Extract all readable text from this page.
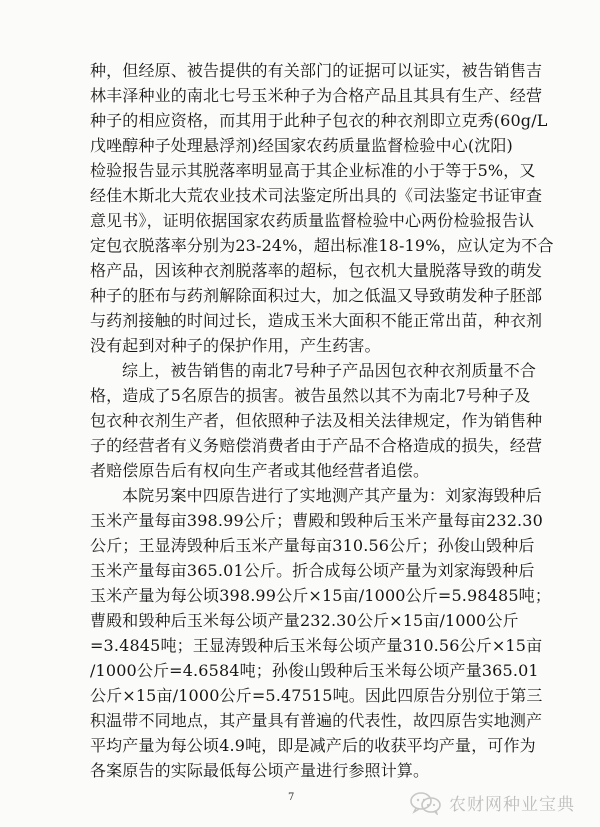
种，但经原、被告提供的有关部门的证据可以证实，被告销售吉
林丰泽种业的南北七号玉米种子为合格产品且其具有生产、经营
种子的相应资格，而其用于此种子包衣的种衣剂即立克秀(60g/L
戊唑醇种子处理悬浮剂)经国家农药质量监督检验中心(沈阳)
检验报告显示其脱落率明显高于其企业标准的小于等于5%，又
经佳木斯北大荒农业技术司法鉴定所出具的《司法鉴定书证审查
意见书》，证明依据国家农药质量监督检验中心两份检验报告认
定包衣脱落率分别为23-24%，超出标准18-19%，应认定为不合
格产品，因该种衣剂脱落率的超标，包衣机大量脱落导致的萌发
种子的胚布与药剂解除面积过大，加之低温又导致萌发种子胚部
与药剂接触的时间过长，造成玉米大面积不能正常出苗，种衣剂
没有起到对种子的保护作用，产生药害。
综上，被告销售的南北7号种子产品因包衣种衣剂质量不合
格，造成了5名原告的损害。被告虽然以其不为南北7号种子及
包衣种衣剂生产者，但依照种子法及相关法律规定，作为销售种
子的经营者有义务赔偿消费者由于产品不合格造成的损失，经营
者赔偿原告后有权向生产者或其他经营者追偿。
本院另案中四原告进行了实地测产其产量为：刘家海毁种后
玉米产量每亩398.99公斤；曹殿和毁种后玉米产量每亩232.30
公斤；王显涛毁种后玉米产量每亩310.56公斤；孙俊山毁种后
玉米产量每亩365.01公斤。折合成每公顷产量为刘家海毁种后
玉米产量为每公顷398.99公斤×15亩/1000公斤=5.98485吨；
曹殿和毁种后玉米每公顷产量232.30公斤×15亩/1000公斤
=3.4845吨；王显涛毁种后玉米每公顷产量310.56公斤×15亩
/1000公斤=4.6584吨；孙俊山毁种后玉米每公顷产量365.01
公斤×15亩/1000公斤=5.47515吨。因此四原告分别位于第三
积温带不同地点，其产量具有普遍的代表性，故四原告实地测产
平均产量为每公顷4.9吨，即是减产后的收获平均产量，可作为
各案原告的实际最低每公顷产量进行参照计算。
7	农财网种业宝典
